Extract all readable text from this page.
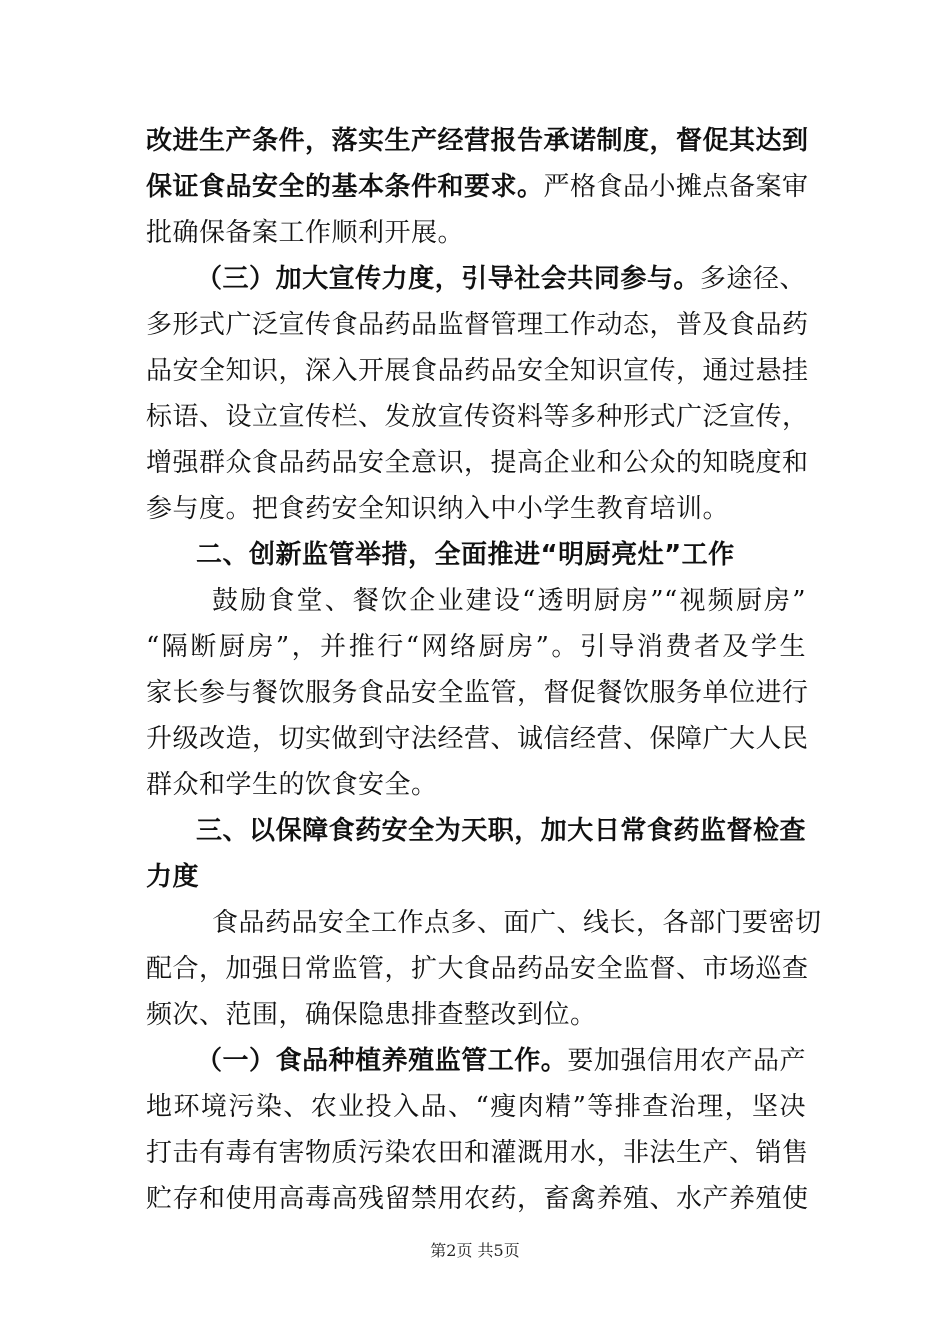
改进生产条件，落实生产经营报告承诺制度，督促其达到
保证食品安全的基本条件和要求。严格食品小摊点备案审
批确保备案工作顺利开展。
（三）加大宣传力度，引导社会共同参与。多途径、
多形式广泛宣传食品药品监督管理工作动态，普及食品药
品安全知识，深入开展食品药品安全知识宣传，通过悬挂
标语、设立宣传栏、发放宣传资料等多种形式广泛宣传，
增强群众食品药品安全意识，提高企业和公众的知晓度和
参与度。把食药安全知识纳入中小学生教育培训。
二、创新监管举措，全面推进“明厨亮灶”工作
鼓励食堂、餐饮企业建设“透明厨房”“视频厨房”
“隔断厨房”，并推行“网络厨房”。引导消费者及学生
家长参与餐饮服务食品安全监管，督促餐饮服务单位进行
升级改造，切实做到守法经营、诚信经营、保障广大人民
群众和学生的饮食安全。
三、以保障食药安全为天职，加大日常食药监督检查
力度
食品药品安全工作点多、面广、线长，各部门要密切
配合，加强日常监管，扩大食品药品安全监督、市场巡查
频次、范围，确保隐患排查整改到位。
（一）食品种植养殖监管工作。要加强信用农产品产
地环境污染、农业投入品、“瘦肉精”等排查治理，坚决
打击有毒有害物质污染农田和灌溉用水，非法生产、销售
贮存和使用高毒高残留禁用农药，畜禽养殖、水产养殖使
第2页 共5页
